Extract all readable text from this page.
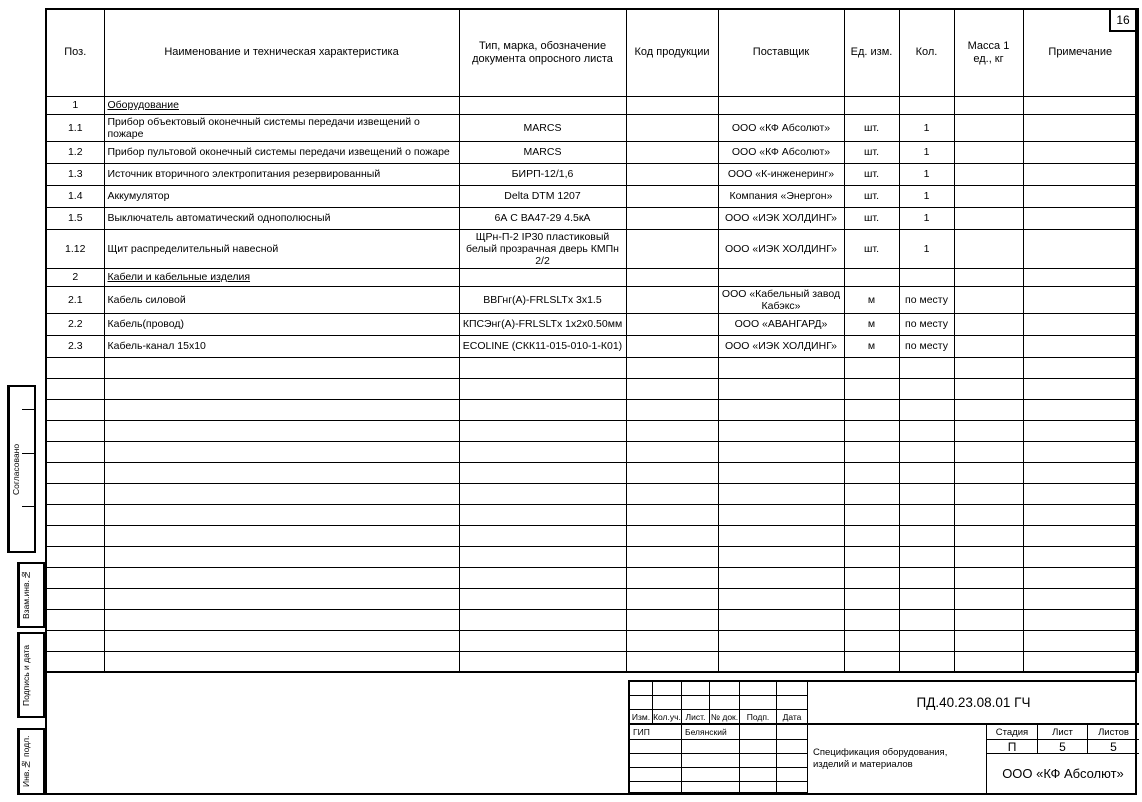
16
Поз.	Наименование и техническая характеристика	Тип, марка, обозначение документа опросного листа	Код продукции	Поставщик	Ед. изм.	Кол.	Масса 1 ед., кг	Примечание
1	Оборудование							
1.1	Прибор объектовый оконечный системы передачи извещений о пожаре	MARCS		ООО «КФ Абсолют»	шт.	1		
1.2	Прибор пультовой оконечный системы передачи извещений о пожаре	MARCS		ООО «КФ Абсолют»	шт.	1		
1.3	Источник вторичного электропитания резервированный	БИРП-12/1,6		ООО «К-инженеринг»	шт.	1		
1.4	Аккумулятор	Delta DTM 1207		Компания «Энергон»	шт.	1		
1.5	Выключатель автоматический однополюсный	6А С ВА47-29 4.5кА		ООО «ИЭК ХОЛДИНГ»	шт.	1		
1.12	Щит распределительный навесной	ЩРн-П-2 IP30 пластиковый белый прозрачная дверь КМПн 2/2		ООО «ИЭК ХОЛДИНГ»	шт.	1		
2	Кабели и кабельные изделия							
2.1	Кабель силовой	ВВГнг(А)-FRLSLTx 3x1.5		ООО «Кабельный завод Кабэкс»	м	по месту		
2.2	Кабель(провод)	КПСЭнг(А)-FRLSLTx 1x2x0.50мм		ООО «АВАНГАРД»	м	по месту		
2.3	Кабель-канал 15x10	ECOLINE (СКК11-015-010-1-К01)		ООО «ИЭК ХОЛДИНГ»	м	по месту		

Согласовано
Взам.инв.№
Подпись и дата
Инв.№ подл.
Изм. Кол.уч. Лист. № док.	Подп.	Дата
ГИП	Белянский
ПД.40.23.08.01 ГЧ
Спецификация оборудования, изделий и материалов
Стадия	Лист	Листов
П	5	5
ООО «КФ Абсолют»
